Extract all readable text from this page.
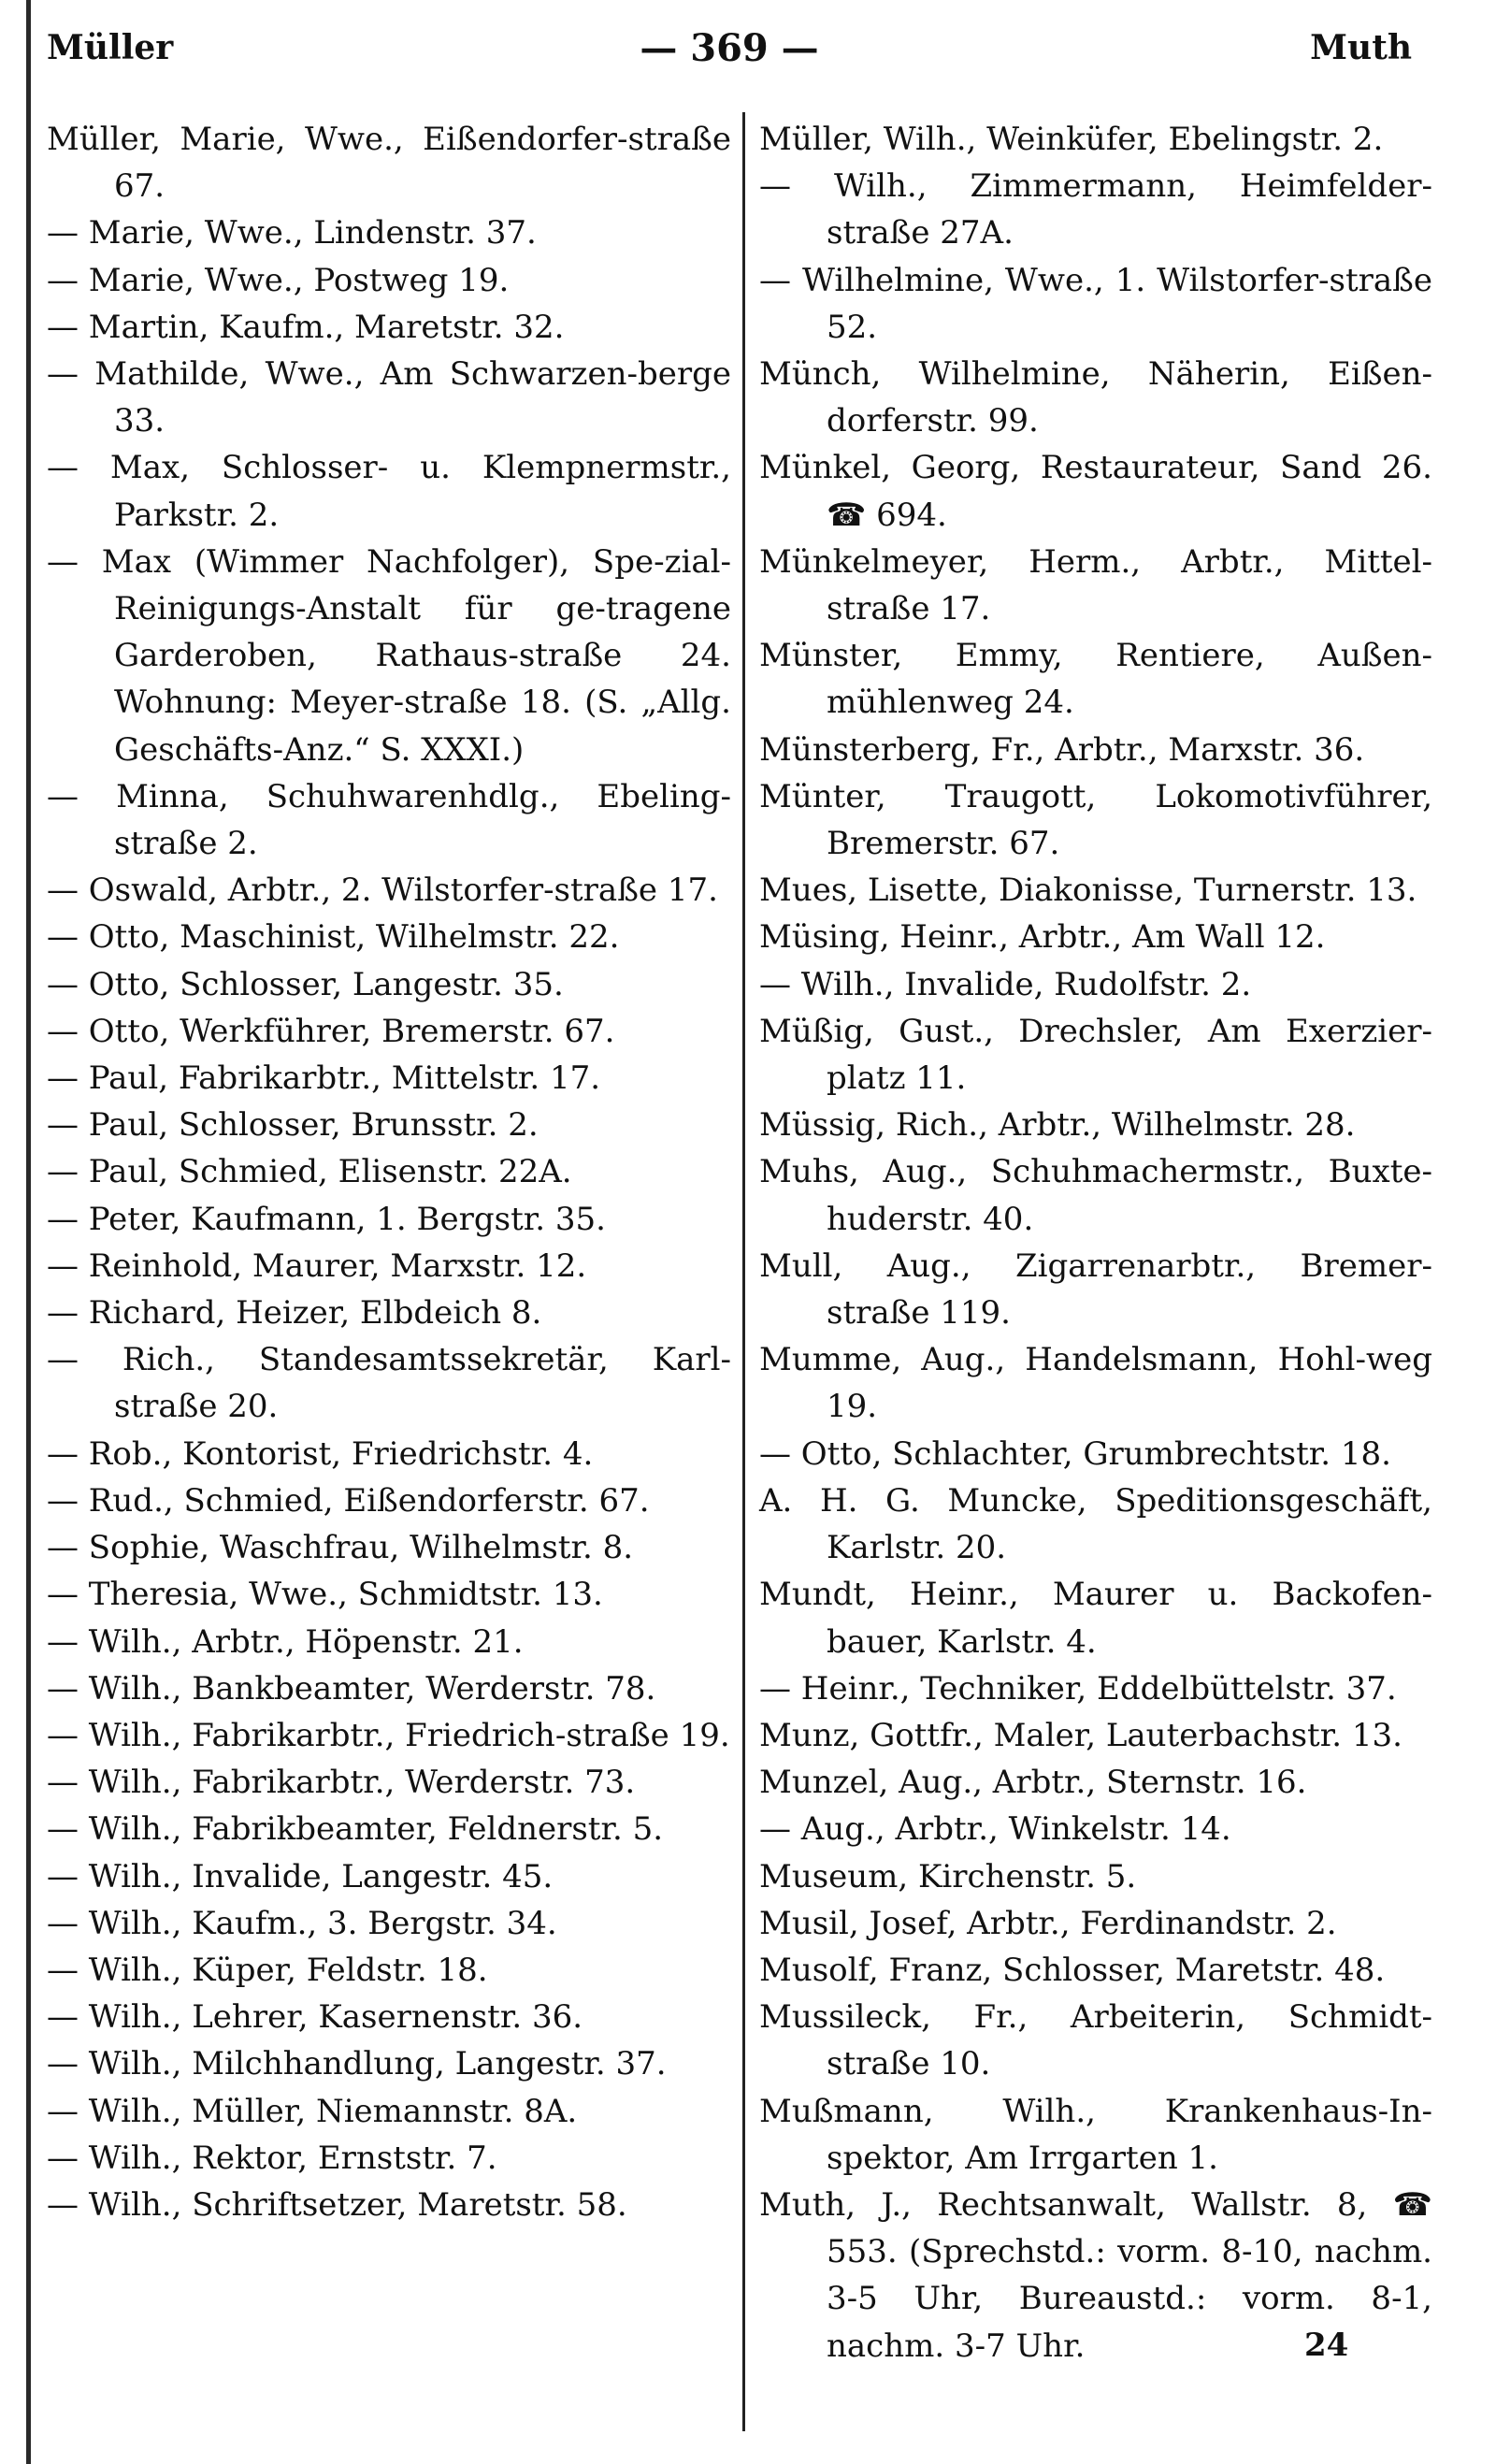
Müller	— 369 —	Muth

Müller, Marie, Wwe., Eißendorfer-straße 67.

— Marie, Wwe., Lindenstr. 37.

— Marie, Wwe., Postweg 19.

— Martin, Kaufm., Maretstr. 32.

— Mathilde, Wwe., Am Schwarzen-berge 33.

— Max, Schlosser- u. Klempnermstr., Parkstr. 2.

— Max (Wimmer Nachfolger), Spe-zial-Reinigungs-Anstalt für ge-tragene Garderoben, Rathaus-straße 24. Wohnung: Meyer-straße 18. (S. „Allg. Geschäfts-Anz.“ S. XXXI.)

— Minna, Schuhwarenhdlg., Ebeling-straße 2.

— Oswald, Arbtr., 2. Wilstorfer-straße 17.

— Otto, Maschinist, Wilhelmstr. 22.

— Otto, Schlosser, Langestr. 35.

— Otto, Werkführer, Bremerstr. 67.

— Paul, Fabrikarbtr., Mittelstr. 17.

— Paul, Schlosser, Brunsstr. 2.

— Paul, Schmied, Elisenstr. 22A.

— Peter, Kaufmann, 1. Bergstr. 35.

— Reinhold, Maurer, Marxstr. 12.

— Richard, Heizer, Elbdeich 8.

— Rich., Standesamtssekretär, Karl-straße 20.

— Rob., Kontorist, Friedrichstr. 4.

— Rud., Schmied, Eißendorferstr. 67.

— Sophie, Waschfrau, Wilhelmstr. 8.

— Theresia, Wwe., Schmidtstr. 13.

— Wilh., Arbtr., Höpenstr. 21.

— Wilh., Bankbeamter, Werderstr. 78.

— Wilh., Fabrikarbtr., Friedrich-straße 19.

— Wilh., Fabrikarbtr., Werderstr. 73.

— Wilh., Fabrikbeamter, Feldnerstr. 5.

— Wilh., Invalide, Langestr. 45.

— Wilh., Kaufm., 3. Bergstr. 34.

— Wilh., Küper, Feldstr. 18.

— Wilh., Lehrer, Kasernenstr. 36.

— Wilh., Milchhandlung, Langestr. 37.

— Wilh., Müller, Niemannstr. 8A.

— Wilh., Rektor, Ernststr. 7.

— Wilh., Schriftsetzer, Maretstr. 58.

Müller, Wilh., Weinküfer, Ebelingstr. 2.

— Wilh., Zimmermann, Heimfelder-straße 27A.

— Wilhelmine, Wwe., 1. Wilstorfer-straße 52.

Münch, Wilhelmine, Näherin, Eißen-dorferstr. 99.

Münkel, Georg, Restaurateur, Sand 26. ☎ 694.

Münkelmeyer, Herm., Arbtr., Mittel-straße 17.

Münster, Emmy, Rentiere, Außen-mühlenweg 24.

Münsterberg, Fr., Arbtr., Marxstr. 36.

Münter, Traugott, Lokomotivführer, Bremerstr. 67.

Mues, Lisette, Diakonisse, Turnerstr. 13.

Müsing, Heinr., Arbtr., Am Wall 12.

— Wilh., Invalide, Rudolfstr. 2.

Müßig, Gust., Drechsler, Am Exerzier-platz 11.

Müssig, Rich., Arbtr., Wilhelmstr. 28.

Muhs, Aug., Schuhmachermstr., Buxte-huderstr. 40.

Mull, Aug., Zigarrenarbtr., Bremer-straße 119.

Mumme, Aug., Handelsmann, Hohl-weg 19.

— Otto, Schlachter, Grumbrechtstr. 18.

A. H. G. Muncke, Speditionsgeschäft, Karlstr. 20.

Mundt, Heinr., Maurer u. Backofen-bauer, Karlstr. 4.

— Heinr., Techniker, Eddelbüttelstr. 37.

Munz, Gottfr., Maler, Lauterbachstr. 13.

Munzel, Aug., Arbtr., Sternstr. 16.

— Aug., Arbtr., Winkelstr. 14.

Museum, Kirchenstr. 5.

Musil, Josef, Arbtr., Ferdinandstr. 2.

Musolf, Franz, Schlosser, Maretstr. 48.

Mussileck, Fr., Arbeiterin, Schmidt-straße 10.

Mußmann, Wilh., Krankenhaus-In-spektor, Am Irrgarten 1.

Muth, J., Rechtsanwalt, Wallstr. 8, ☎ 553. (Sprechstd.: vorm. 8-10, nachm. 3-5 Uhr, Bureaustd.: vorm. 8-1, nachm. 3-7 Uhr.	24
